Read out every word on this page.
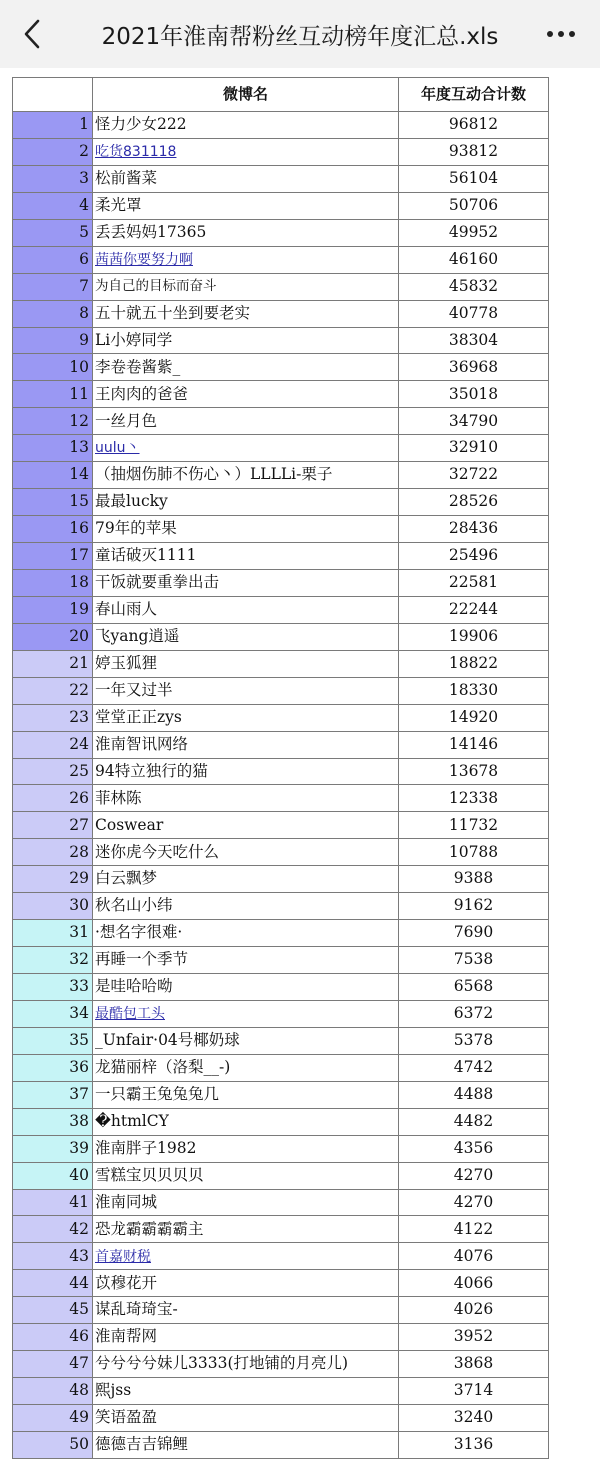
2021年淮南帮粉丝互动榜年度汇总.xls
	微博名	年度互动合计数
1	怪力少女222	96812
2	吃货831118	93812
3	松前酱菜	56104
4	柔光罩	50706
5	丢丢妈妈17365	49952
6	茜茜你要努力啊	46160
7	为自己的目标而奋斗	45832
8	五十就五十坐到要老实	40778
9	Li小婷同学	38304
10	李卷卷酱紫_	36968
11	王肉肉的爸爸	35018
12	一丝月色	34790
13	uulu丶	32910
14	（抽烟伤肺不伤心丶）LLLLi-栗子	32722
15	最最lucky	28526
16	79年的苹果	28436
17	童话破灭1111	25496
18	干饭就要重拳出击	22581
19	春山雨人	22244
20	飞yang逍遥	19906
21	婷玉狐狸	18822
22	一年又过半	18330
23	堂堂正正zys	14920
24	淮南智讯网络	14146
25	94特立独行的猫	13678
26	菲林陈	12338
27	Coswear	11732
28	迷你虎今天吃什么	10788
29	白云飘梦	9388
30	秋名山小纬	9162
31	·想名字很难·	7690
32	再睡一个季节	7538
33	是哇哈哈呦	6568
34	最酷包工头	6372
35	_Unfair·04号椰奶球	5378
36	龙猫丽梓（洛梨__-)	4742
37	一只霸王兔兔兔几	4488
38	�htmlCY	4482
39	淮南胖子1982	4356
40	雪糕宝贝贝贝贝	4270
41	淮南同城	4270
42	恐龙霸霸霸霸主	4122
43	首嘉财税	4076
44	苡穆花开	4066
45	谋乱琦琦宝-	4026
46	淮南帮网	3952
47	兮兮兮兮妹儿3333(打地铺的月亮儿)	3868
48	熙jss	3714
49	笑语盈盈	3240
50	德德吉吉锦鲤	3136
